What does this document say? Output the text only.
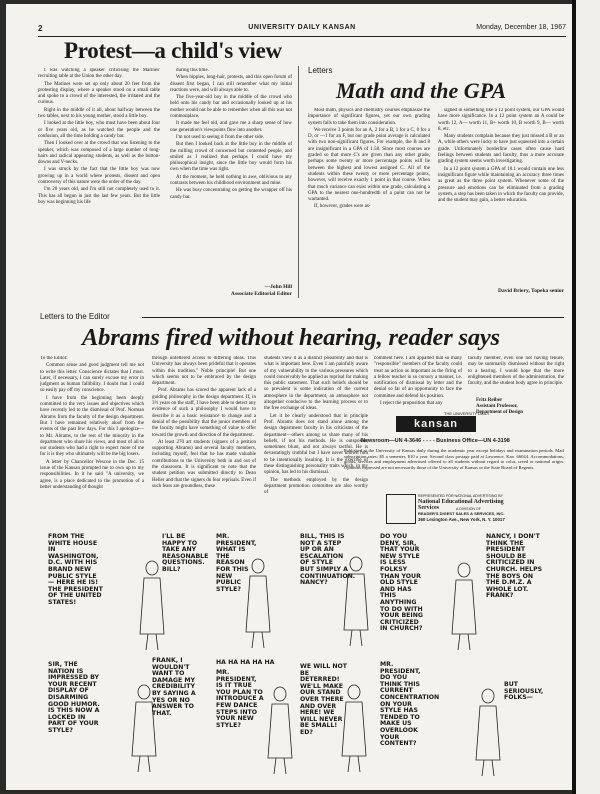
2	UNIVERSITY DAILY KANSAN	Monday, December 18, 1967
Protest—a child's view

I was watching a speaker criticising the Marines' recruiting table at the Union the other day.

The Marines were set up only about 20 feet from the protesting display, where a speaker stood on a small table and spoke to a crowd of the interested, the irritated and the curious.

Right in the middle of it all, about halfway between the two tables, next to his young mother, stood a little boy.

I looked at the little boy, who must have been about four or five years old, as he watched the people and the confusion, all the time holding a candy bar.

Then I looked over at the crowd that was listening to the speaker, which was composed of a large number of long-hairs and radical appearing students, as well as the button-downs and V-necks.

I was struck by the fact that the little boy was now growing up in a world where protests, dissent and open controversy of this nature were the order of the day.

I'm 20 years old, and I'm still not completely used to it. This has all begun in just the last few years. But the little boy was beginning his life

during this time.

When hippies, long-hair, protests, and this open forum of dissent first began, I can still remember what my initial reactions were, and will always able to.

The five-year-old boy in the middle of the crowd who held onto his candy bar and occasionally looked up at his mother would not be able to remember when all this was not commonplace.

It made me feel old, and gave me a sharp sense of how one generation's viewpoints flow into another.

I'm not used to seeing it from the other side.

But then I looked back at the little boy in the middle of the milling crowd of concerned but contented people, and smiled as I realized that perhaps I could have my philosophical insight, since the little boy would form his own when the time was right.

At the moment, he held nothing in awe, oblivious to any contrasts between his childhood environment and mine.

He was busy concentrating on getting the wrapper off his candy bar.

—John Hill
Associate Editorial Editor
Letters
Math and the GPA

Most math, physics and chemistry courses emphasize the importance of significant figures, yet our own grading system fails to take them into consideration.

We receive 3 points for an A, 2 for a B, 1 for a C, 0 for a D, or —1 for an F, but our grade point average is calculated with two non-significant figures. For example, the B and 8 are insignificant in a GPA of 1.58. Since most courses are graded so that more C's are given than any other grade, perhaps some twenty or more percentage points will lie between the highest and lowest assigned C. All of the students within these twenty or more percentage points, however, will receive exactly 1 point in that course. When that much variance can exist within one grade, calculating a GPA to the nearest one-hundredth of a point can not be warranted.

If, however, grades were as-

signed in something like a 12 point system, our GPA would have more significance. In a 12 point system an A could be worth 12, A— worth 11, B+ worth 10, B worth 9, B— worth 8, etc.

Many students complain because they just missed a B or an A, while others were lucky to have just squeezed into a certain grade. Unfortunately borderline cases often cause hard feelings between students and faculty, thus a more accurate grading system seems worth investigating.

In a 12 point system a GPA of 10.1 would contain one less insignificant figure while maintaining an accuracy three times as great as the three point system. Whenever some of the pressure and emotions can be eliminated from a grading system, a step has been taken in which the faculty can provide, and the student may gain, a better education.

David Briery, Topeka senior
Letters to the Editor
Abrams fired without hearing, reader says

To the Editor:

Common sense and good judgment tell me not to write this letter. Conscience dictates that I must. Later, if necessary, I can surely excuse my error in judgment as human fallibility. I doubt that I could so easily pay off my conscience.

I have from the beginning been deeply committed to the very issues and objectives which have recently led to the dismissal of Prof. Norman Abrams from the faculty of the design department. But I have remained relatively aloof from the events of the past few days. For this I apologize—to Mr. Abrams, to the rest of the minority in the department who share his views, and most of all to our students who had a right to expect more of me for it is they who ultimately will be the big losers.

A letter by Chancellor Wescoe in the Dec. 15 issue of the Kansan prompted me to own up to my responsibilities. In it he said "A university, we agree, is a place dedicated to the promotion of a better understanding of thought

through unfettered access to differing ideas. This University has always been prideful that it operates within this tradition." Noble principle! But one which seems not to be embraced by the design department.

Prof. Abrams has scored the apparent lack of a guiding philosophy in the design department. If, in 3½ years on the staff, I have been able to detect any evidence of such a philosophy I would have to describe it as a basic resistance to change and a denial of the possibility that the junior members of the faculty might have something of value to offer toward the growth and direction of the department.

At least 270 art students (signers of a petition supporting Abrams) and several faculty members, including myself, feel that he has made valuable contributions to the University both in and out of the classroom. It is significant to note that the student petition was submitted directly to Dean Heller and that the signers do fear reprisals. Even if such fears are groundless, these

students view it as a distinct possibility and that is what is important here. Even I am painfully aware of my vulnerability to the various pressures which could conceivably be applied as reprisal for making this public statement. That such beliefs should be so prevalent is some indication of the current atmosphere in the department, an atmosphere not altogether conducive to the learning process or to the free exchange of ideas.

Let it be clearly understood that in principle Prof. Abrams does not stand alone among the design department faculty in his criticisms of the department—others among us share many of his beliefs, if not his methods. He is outspoken, sometimes blunt, and not always tactful. He is devastatingly truthful but I have never known him to be intentionally insulting. It is the exercise of these distinguishing personality traits which, in my opinion, has led to his dismissal.

The methods employed by the design department promotion committee are also worthy of

comment here. I am appalled that so many "responsible" members of the faculty could treat an action as important as the firing of a fellow teacher in so cursory a manner, i.e. notification of dismissal by letter and the denial so far of an opportunity to face the committee and defend his position.

I reject the proposition that any

faculty member, even one not having tenure, may be summarily dismissed without the right to a hearing. I would hope that the more enlightened members of the administration, the faculty, and the student body agree in principle.

Fritz Reiber
Assistant Professor,
Department of Design
THE UNIVERSITY DAILY
kansan
Newsroom—UN 4-3646 - - - - Business Office—UN 4-3198
Published at the University of Kansas daily during the academic year except holidays and examination periods. Mail subscription rates: $5 a semester, $10 a year. Second class postage paid at Lawrence, Kan. 66044. Accommodations, goods, services and employment advertised offered to all students without regard to color, creed or national origin. Opinions expressed are not necessarily those of the University of Kansas or the State Board of Regents.
REPRESENTED FOR NATIONAL ADVERTISING BY
National Educational Advertising Services	A DIVISION OF
READER'S DIGEST SALES & SERVICES, INC.
360 Lexington Ave., New York, N. Y. 10017
FROM THE WHITE HOUSE IN WASHINGTON, D.C. WITH HIS BRAND NEW PUBLIC STYLE — HERE HE IS! THE PRESIDENT OF THE UNITED STATES!
I'LL BE HAPPY TO TAKE ANY REASONABLE QUESTIONS. BILL?
MR. PRESIDENT, WHAT IS THE REASON FOR THIS NEW PUBLIC STYLE?
BILL, THIS IS NOT A STEP UP OR AN ESCALATION OF STYLE BUT SIMPLY A CONTINUATION. NANCY?
DO YOU DENY, SIR, THAT YOUR NEW STYLE IS LESS FOLKSY THAN YOUR OLD STYLE AND HAS THIS ANYTHING TO DO WITH YOUR BEING CRITICIZED IN CHURCH?
NANCY, I DON'T THINK THE PRESIDENT SHOULD BE CRITICIZED IN CHURCH. HELPS THE BOYS ON THE D.M.Z. A WHOLE LOT. FRANK?
SIR, THE NATION IS IMPRESSED BY YOUR RECENT DISPLAY OF DISARMING GOOD HUMOR. IS THIS NOW A LOCKED IN PART OF YOUR STYLE?
FRANK, I WOULDN'T WANT TO DAMAGE MY CREDIBILITY BY SAYING A YES OR NO ANSWER TO THAT.
HA HA HA HA HA
MR. PRESIDENT, IS IT TRUE YOU PLAN TO INTRODUCE A FEW DANCE STEPS INTO YOUR NEW STYLE?
WE WILL NOT BE DETERRED! WE'LL MAKE OUR STAND OVER THERE AND OVER HERE! WE WILL NEVER BE SMALL! ED?
MR. PRESIDENT, DO YOU THINK THIS CURRENT CONCENTRATION ON YOUR STYLE HAS TENDED TO MAKE US OVERLOOK YOUR CONTENT?
BUT SERIOUSLY, FOLKS—
